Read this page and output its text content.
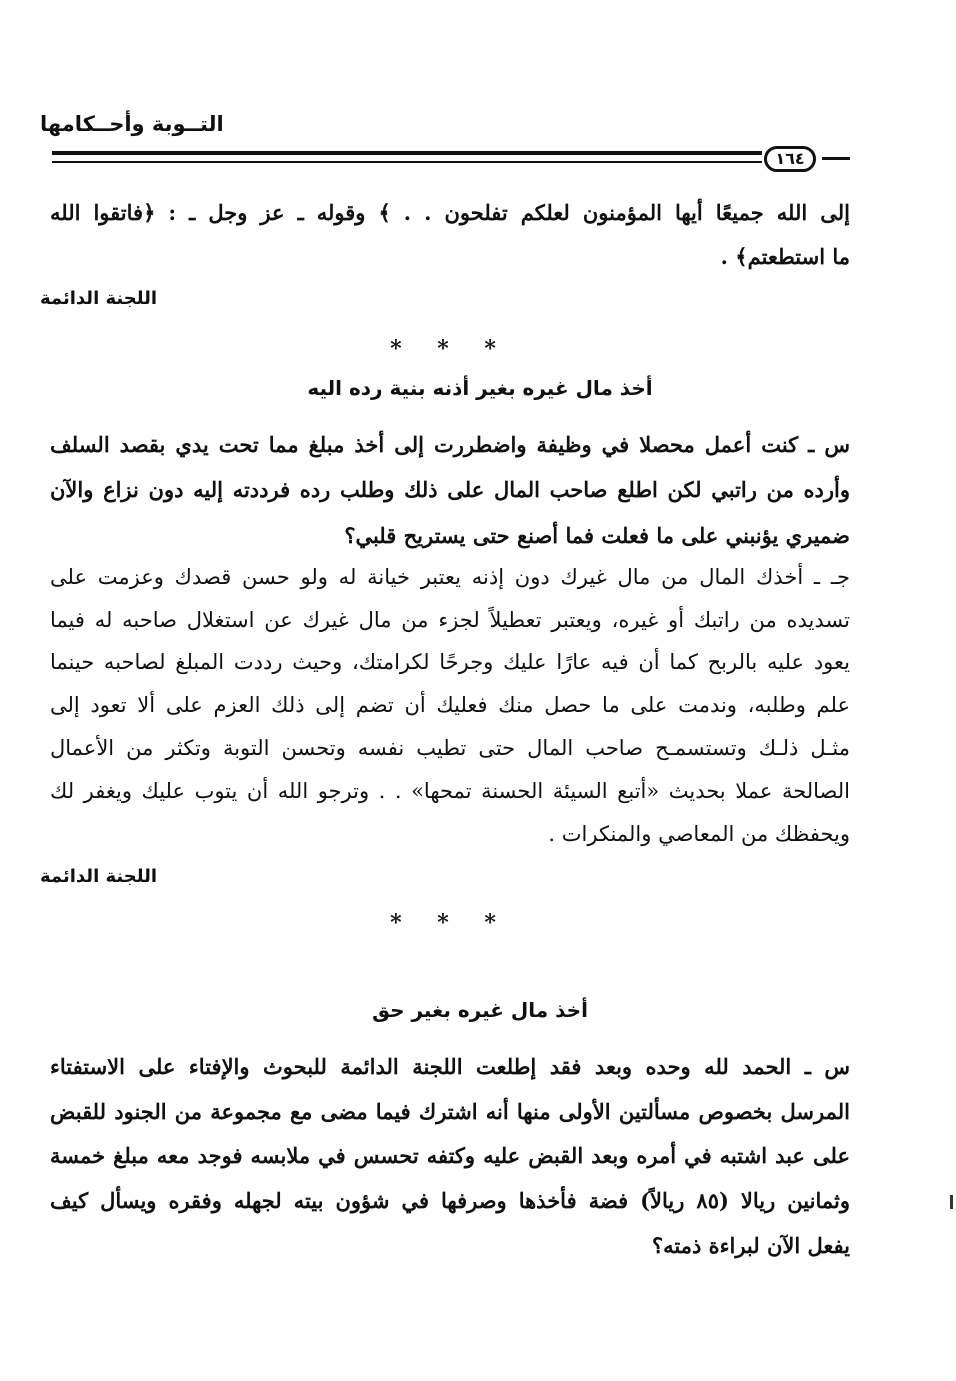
التــوبة وأحــكامها
١٦٤
إلى الله جميعًا أيها المؤمنون لعلكم تفلحون . . ﴾ وقوله ـ عز وجل ـ : ﴿فاتقوا الله
ما استطعتم﴾ .
اللجنة الدائمة
* * *
أخذ مال غيره بغير أذنه بنية رده اليه
س ـ كنت أعمل محصلا في وظيفة واضطررت إلى أخذ مبلغ مما تحت يدي بقصد السلف
وأرده من راتبي لكن اطلع صاحب المال على ذلك وطلب رده فرددته إليه دون نزاع والآن
ضميري يؤنبني على ما فعلت فما أصنع حتى يستريح قلبي؟
جـ ـ أخذك المال من مال غيرك دون إذنه يعتبر خيانة له ولو حسن قصدك وعزمت على
تسديده من راتبك أو غيره، ويعتبر تعطيلاً لجزء من مال غيرك عن استغلال صاحبه له فيما
يعود عليه بالربح كما أن فيه عارًا عليك وجرحًا لكرامتك، وحيث رددت المبلغ لصاحبه حينما
علم وطلبه، وندمت على ما حصل منك فعليك أن تضم إلى ذلك العزم على ألا تعود إلى
مثـل ذلـك وتستسمـح صاحب المال حتى تطيب نفسه وتحسن التوبة وتكثر من الأعمال
الصالحة عملا بحديث «أتبع السيئة الحسنة تمحها» . . وترجو الله أن يتوب عليك ويغفر لك
ويحفظك من المعاصي والمنكرات .
اللجنة الدائمة
* * *
أخذ مال غيره بغير حق
س ـ الحمد لله وحده وبعد فقد إطلعت اللجنة الدائمة للبحوث والإفتاء على الاستفتاء
المرسل بخصوص مسألتين الأولى منها أنه اشترك فيما مضى مع مجموعة من الجنود للقبض
على عبد اشتبه في أمره وبعد القبض عليه وكتفه تحسس في ملابسه فوجد معه مبلغ خمسة
وثمانين ريالا (٨٥ ريالاً) فضة فأخذها وصرفها في شؤون بيته لجهله وفقره ويسأل كيف
يفعل الآن لبراءة ذمته؟
